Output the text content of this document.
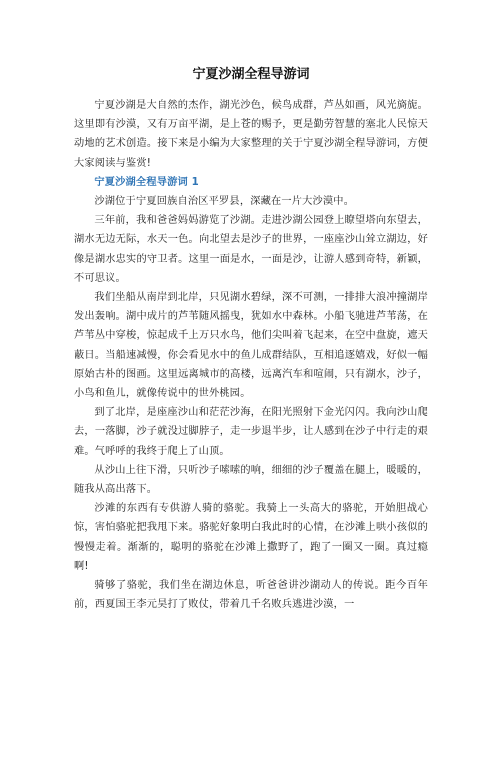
宁夏沙湖全程导游词

宁夏沙湖是大自然的杰作，湖光沙色，候鸟成群，芦丛如画，风光旖旎。这里即有沙漠，又有万亩平湖，是上苍的赐予，更是勤劳智慧的塞北人民惊天动地的艺术创造。接下来是小编为大家整理的关于宁夏沙湖全程导游词，方便大家阅读与鉴赏!

宁夏沙湖全程导游词 1

沙湖位于宁夏回族自治区平罗县，深藏在一片大沙漠中。

三年前，我和爸爸妈妈游览了沙湖。走进沙湖公园登上瞭望塔向东望去，湖水无边无际，水天一色。向北望去是沙子的世界，一座座沙山耸立湖边，好像是湖水忠实的守卫者。这里一面是水，一面是沙，让游人感到奇特，新颖，不可思议。

我们坐船从南岸到北岸，只见湖水碧绿，深不可测，一排排大浪冲撞湖岸发出轰响。湖中成片的芦苇随风摇曳，犹如水中森林。小船飞驰进芦苇荡，在芦苇丛中穿梭，惊起成千上万只水鸟，他们尖叫着飞起来，在空中盘旋，遮天蔽日。当船速减慢，你会看见水中的鱼儿成群结队，互相追逐嬉戏，好似一幅原始古朴的图画。这里远离城市的高楼，远离汽车和喧闹，只有湖水，沙子，小鸟和鱼儿，就像传说中的世外桃园。

到了北岸，是座座沙山和茫茫沙海，在阳光照射下金光闪闪。我向沙山爬去，一落脚，沙子就没过脚脖子，走一步退半步，让人感到在沙子中行走的艰难。气呼呼的我终于爬上了山顶。

从沙山上往下滑，只听沙子嗦嗦的响，细细的沙子覆盖在腿上，暖暖的，随我从高出落下。

沙滩的东西有专供游人骑的骆驼。我骑上一头高大的骆驼，开始胆战心惊，害怕骆驼把我甩下来。骆驼好象明白我此时的心情，在沙滩上哄小孩似的慢慢走着。渐渐的，聪明的骆驼在沙滩上撒野了，跑了一圈又一圈。真过瘾啊!

骑够了骆驼，我们坐在湖边休息，听爸爸讲沙湖动人的传说。距今百年前，西夏国王李元昊打了败仗，带着几千名败兵逃进沙漠，一
